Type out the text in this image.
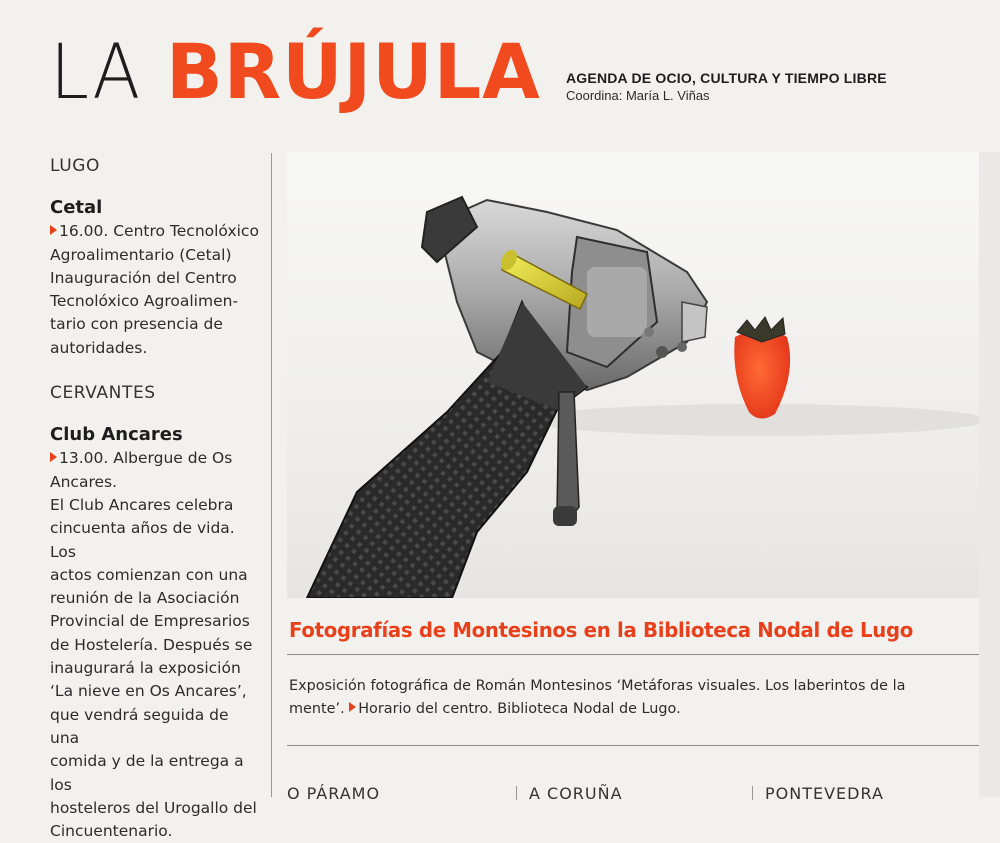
LA BRÚJULA AGENDA DE OCIO, CULTURA Y TIEMPO LIBRE
Coordina: María L. Viñas
LUGO
Cetal
16.00. Centro Tecnolóxico
Agroalimentario (Cetal)
Inauguración del Centro
Tecnolóxico Agroalimen-
tario con presencia de
autoridades.
CERVANTES
Club Ancares
13.00. Albergue de Os
Ancares.
El Club Ancares celebra
cincuenta años de vida. Los
actos comienzan con una
reunión de la Asociación
Provincial de Empresarios
de Hostelería. Después se
inaugurará la exposición
‘La nieve en Os Ancares’,
que vendrá seguida de una
comida y de la entrega a los
hosteleros del Urogallo del
Cincuentenario.
Fotografías de Montesinos en la Biblioteca Nodal de Lugo
Exposición fotográfica de Román Montesinos ‘Metáforas visuales. Los laberintos de la
mente’. Horario del centro. Biblioteca Nodal de Lugo.
O PÁRAMO	A CORUÑA	PONTEVEDRA
